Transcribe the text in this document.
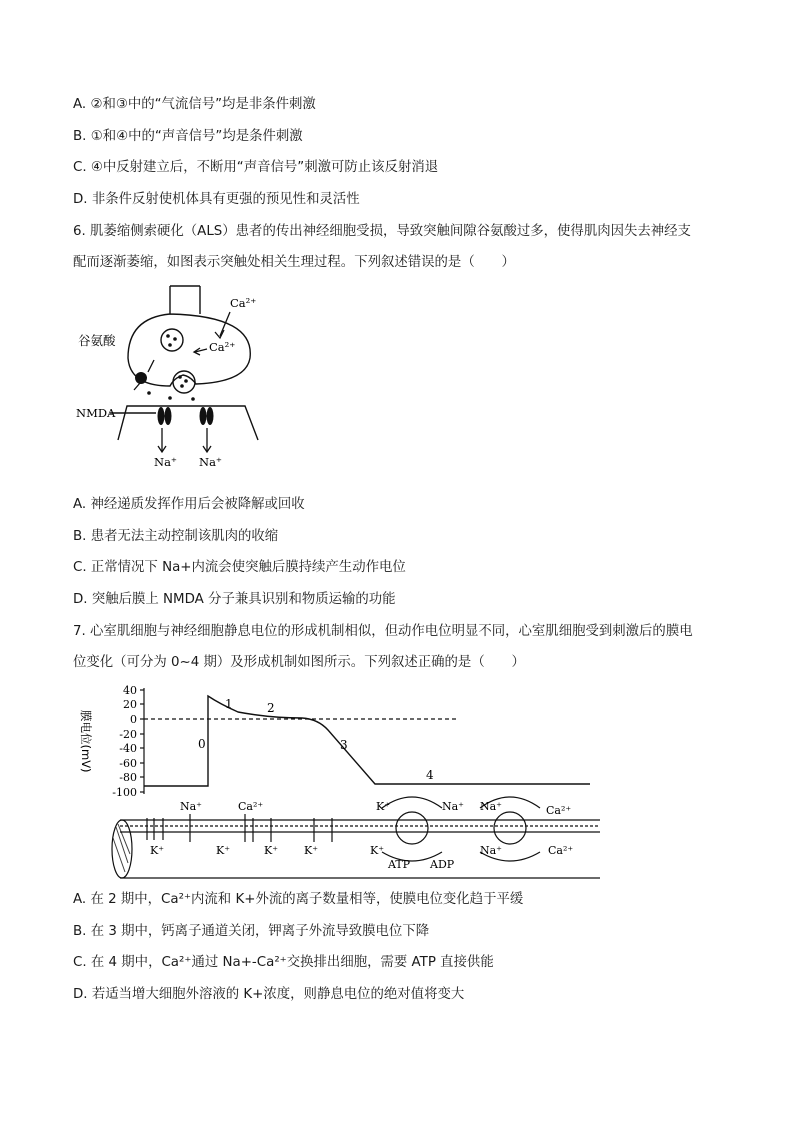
A. ②和③中的“气流信号”均是非条件刺激
B. ①和④中的“声音信号”均是条件刺激
C. ④中反射建立后，不断用“声音信号”刺激可防止该反射消退
D. 非条件反射使机体具有更强的预见性和灵活性
6. 肌萎缩侧索硬化（ALS）患者的传出神经细胞受损，导致突触间隙谷氨酸过多，使得肌肉因失去神经支
配而逐渐萎缩，如图表示突触处相关生理过程。下列叙述错误的是（　　）
谷氨酸
NMDA
Ca²⁺
Ca²⁺
Na⁺ Na⁺
A. 神经递质发挥作用后会被降解或回收
B. 患者无法主动控制该肌肉的收缩
C. 正常情况下 Na+内流会使突触后膜持续产生动作电位
D. 突触后膜上 NMDA 分子兼具识别和物质运输的功能
7. 心室肌细胞与神经细胞静息电位的形成机制相似，但动作电位明显不同，心室肌细胞受到刺激后的膜电
位变化（可分为 0~4 期）及形成机制如图所示。下列叙述正确的是（　　）
40
20
0
-20
-40
-60
-80
-100
膜电位(mV)	0
1	2
3
4
Na⁺	Ca²⁺	K⁺	Na⁺ Na⁺	Ca²⁺
K⁺	K⁺	K⁺ K⁺	K⁺	Na⁺	Ca²⁺
ATP ADP
A. 在 2 期中，Ca²⁺内流和 K+外流的离子数量相等，使膜电位变化趋于平缓
B. 在 3 期中，钙离子通道关闭，钾离子外流导致膜电位下降
C. 在 4 期中，Ca²⁺通过 Na+-Ca²⁺交换排出细胞，需要 ATP 直接供能
D. 若适当增大细胞外溶液的 K+浓度，则静息电位的绝对值将变大
